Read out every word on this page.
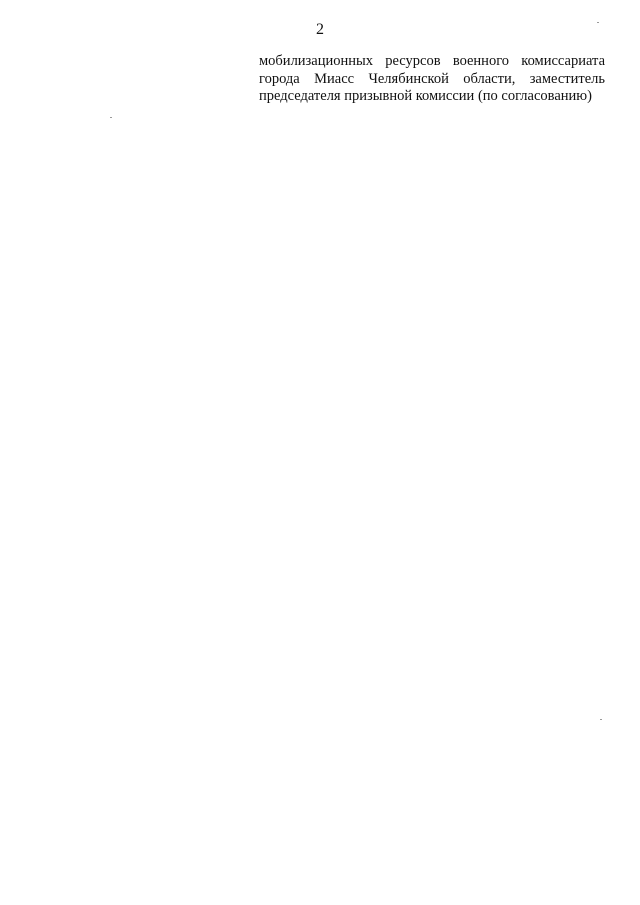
2
мобилизационных ресурсов военного комиссариата города Миасс Челябинской области, заместитель председателя призывной комиссии (по согласованию)
